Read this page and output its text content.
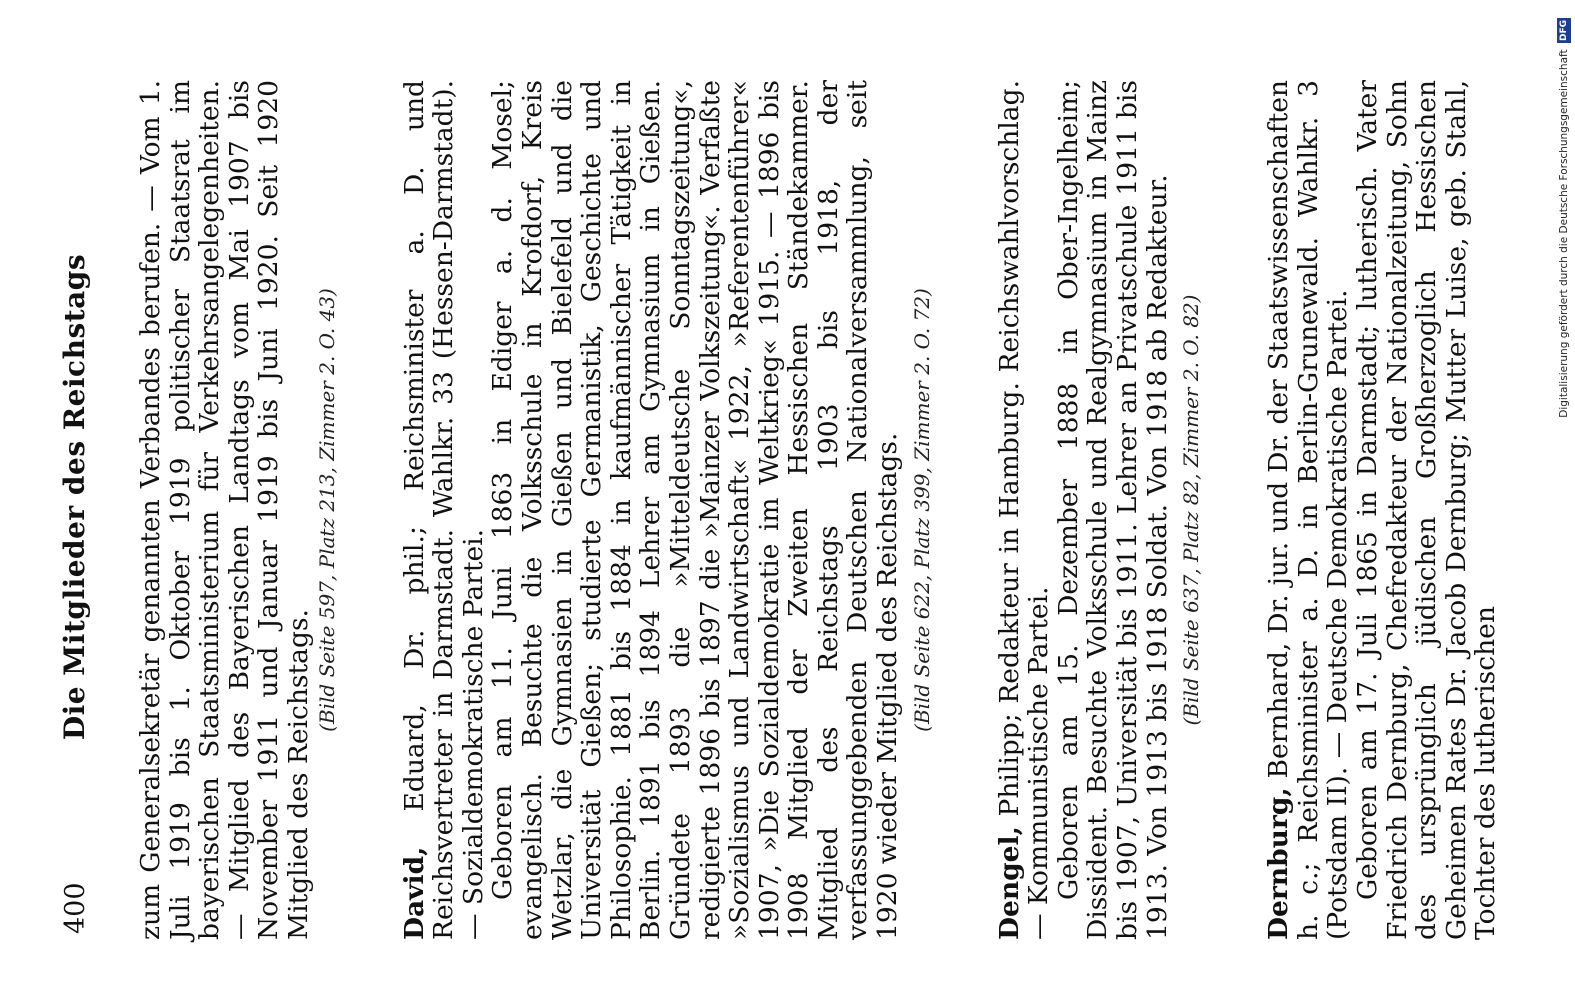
400
Die Mitglieder des Reichstags zum Generalsekretär genannten Verbandes berufen. — Vom 1. Juli 1919 bis 1. Oktober 1919 politischer Staatsrat im bayerischen Staatsministerium für Verkehrsangelegenheiten. — Mitglied des Bayerischen Landtags vom Mai 1907 bis November 1911 und Januar 1919 bis Juni 1920. Seit 1920 Mitglied des Reichstags.

(Bild Seite 597, Platz 213, Zimmer 2. O. 43)

David, Eduard, Dr. phil.; Reichsminister a. D. und Reichsvertreter in Darmstadt. Wahlkr. 33 (Hessen-Darmstadt). — Sozialdemokratische Partei.

Geboren am 11. Juni 1863 in Ediger a. d. Mosel; evangelisch. Besuchte die Volksschule in Krofdorf, Kreis Wetzlar, die Gymnasien in Gießen und Bielefeld und die Universität Gießen; studierte Germanistik, Geschichte und Philosophie. 1881 bis 1884 in kaufmännischer Tätigkeit in Berlin. 1891 bis 1894 Lehrer am Gymnasium in Gießen. Gründete 1893 die »Mitteldeutsche Sonntagszeitung«, redigierte 1896 bis 1897 die »Mainzer Volkszeitung«. Verfaßte »Sozialismus und Landwirtschaft« 1922, »Referentenführer« 1907, »Die Sozialdemokratie im Weltkrieg« 1915. — 1896 bis 1908 Mitglied der Zweiten Hessischen Ständekammer. Mitglied des Reichstags 1903 bis 1918, der verfassunggebenden Deutschen Nationalversammlung, seit 1920 wieder Mitglied des Reichstags. (Bild Seite 622, Platz 399, Zimmer 2. O. 72)

Dengel, Philipp; Redakteur in Hamburg. Reichswahlvorschlag. — Kommunistische Partei.

Geboren am 15. Dezember 1888 in Ober-Ingelheim; Dissident. Besuchte Volksschule und Realgymnasium in Mainz bis 1907, Universität bis 1911. Lehrer an Privatschule 1911 bis 1913. Von 1913 bis 1918 Soldat. Von 1918 ab Redakteur. (Bild Seite 637, Platz 82, Zimmer 2. O. 82)

Dernburg, Bernhard, Dr. jur. und Dr. der Staatswissenschaften h. c.; Reichsminister a. D. in Berlin-Grunewald. Wahlkr. 3 (Potsdam II). — Deutsche Demokratische Partei.

Geboren am 17. Juli 1865 in Darmstadt; lutherisch. Vater Friedrich Dernburg, Chefredakteur der Nationalzeitung, Sohn des ursprünglich jüdischen Großherzoglich Hessischen Geheimen Rates Dr. Jacob Dernburg; Mutter Luise, geb. Stahl, Tochter des lutherischen

Digitalisierung gefördert durch die Deutsche Forschungsgemeinschaft DFG
